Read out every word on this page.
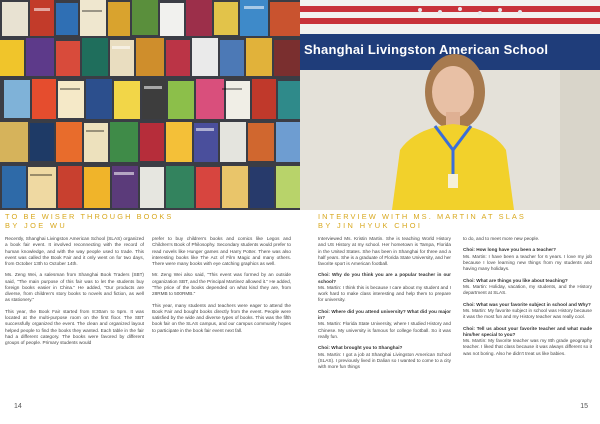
TO BE WISER THROUGH BOOKS
BY JOE WU

Recently, Shanghai Livingston American School (SLAS) organized a book fair event. It involved reconnecting with the record of human knowledge, and with the way people used to trade. This event was called the Book Fair and it only went on for two days, from October 13th to October 14th.

Ms. Zeng Wei, a salesman from Shanghai Book Traders (SBT) said, "The main purpose of this fair was to let the students buy foreign books easier in China." He added, "Our products are diverse, from children's story books to novels and fiction, as well as stationery."

This year, the Book Fair started from 8:30am to 5pm. It was located at the multi-purpose room on the first floor. The SBT successfully organized the event. The clean and organized layout helped people to find the books they wanted. Each table in the fair had a different category. The books were favored by different groups of people. Primary students would

prefer to buy children's books and comics like Legos and Children's Book of Philosophy. Secondary students would prefer to read novels like Hunger games and Harry Potter. There was also interesting books like The Act of Film Magic and many others. There were many books with eye catching graphics as well.

Mr. Zeng Wei also said, "This event was formed by an outside organization SBT, and the Principal Martinez allowed it." He added, "The price of the books depended on what kind they are, from 28RMB to 500RMB."

This year, many students and teachers were eager to attend the Book Fair and bought books directly from the event. People were satisfied by the wide and diverse types of books. This was the fifth book fair on the SLAS campus, and our campus community hopes to participate in the book fair event next fall.

14
Shanghai Livingston American School
INTERVIEW WITH MS. MARTIN AT SLAS
BY JIN HYUK CHOI

Interviewed Ms. Kristin Martin. She is teaching World History and US History at my school. Her hometown is Tampa, Florida in the United States. She has been in Shanghai for three and a half years. She is a graduate of Florida State University, and her favorite sport is American football.

Choi: Why do you think you are a popular teacher in our school?
Ms. Martin: I think this is because I care about my student and I work hard to make class interesting and help them to prepare for university.

Choi: Where did you attend university? What did you major in?
Ms. Martin: Florida State University, where I studied History and Chinese. My university is famous for college football. So it was really fun.

Choi: What brought you to Shanghai?
Ms. Martin: I got a job at Shanghai Livingston American School (SLAS). I previously lived in Dalian so I wanted to come to a city with more fun things

to do, and to meet more new people.

Choi: How long have you been a teacher?
Ms. Martin: I have been a teacher for 6 years. I love my job because I love learning new things from my students and having many holidays.

Choi: What are things you like about teaching?
Ms. Martin: Holiday, vacation, my students, and the History department at SLAS.

Choi: What was your favorite subject in school and Why?
Ms. Martin: My favorite subject in school was History because it was the most fun and my History teacher was really cool.

Choi: Tell us about your favorite teacher and what made him/her special to you?
Ms. Martin: My favorite teacher was my 8th grade geography teacher. I liked that class because it was always different so it was not boring. Also he didn't treat us like babies.

15
